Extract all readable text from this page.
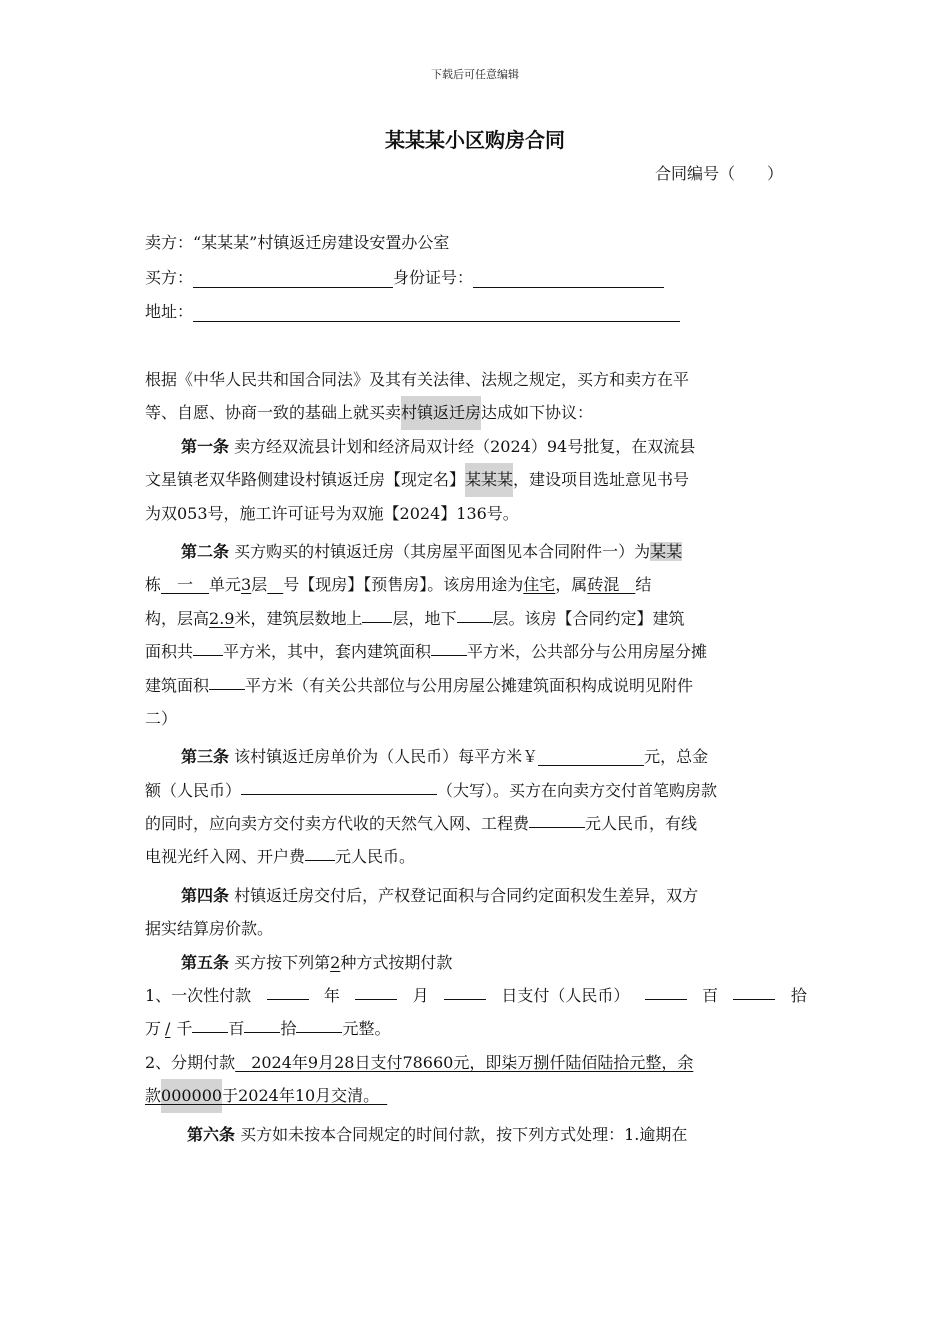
下载后可任意编辑
某某某小区购房合同
合同编号（　　）
卖方：“某某某”村镇返迁房建设安置办公室
买方：	身份证号：
地址：
根据《中华人民共和国合同法》及其有关法律、法规之规定，买方和卖方在平
等、自愿、协商一致的基础上就买卖 村镇返迁房 达成如下协议：
第一条 卖方经双流县计划和经济局双计经（2024）94号批复，在双流县
文星镇老双华路侧建设村镇返迁房【现定名】 某某某 ，建设项目选址意见书号
为双053号，施工许可证号为双施【2024】136号。
第二条 买方购买的村镇返迁房（其房屋平面图见本合同附件一）为某某
栋 　一　 单元 3 层
　 号【现房】【预售房】。该房用途为 住宅 ，属 砖混　 结
构，层高 2.9 米，建筑层数地上 层，地下 层。该房【合同约定】建筑
面积共 平方米，其中，套内建筑面积 平方米，公共部分与公用房屋分摊
建筑面积 平方米（有关公共部位与公用房屋公摊建筑面积构成说明见附件
二）
第三条 该村镇返迁房单价为（人民币）每平方米￥	元，总金
额（人民币）	（大写）。买方在向卖方交付首笔购房款
的同时，应向卖方交付卖方代收的天然气入网、工程费	元人民币，有线
电视光纤入网、开户费 元人民币。
第四条 村镇返迁房交付后，产权登记面积与合同约定面积发生差异，双方
据实结算房价款。
第五条
买方按下列第 2 种方式按期付款
1、一次性付款	年	月	日支付（人民币）	百	拾
万 / 千 百 拾	元整。
2、分期付款 　2024年9月28日支付78660元，即柒万捌仟陆佰陆拾元整，余
款 000000 于2024年10月交清。　
第六条 买方如未按本合同规定的时间付款，按下列方式处理：1.逾期在
